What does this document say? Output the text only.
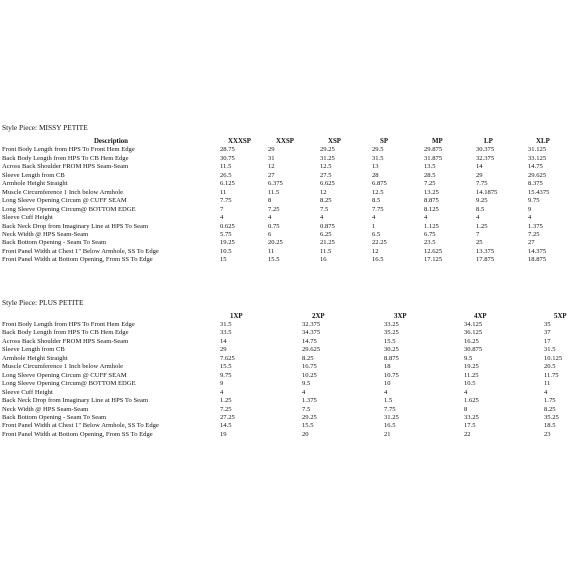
Style Piece: MISSY PETITE
Description	XXXSP	XXSP	XSP	SP	MP	LP	XLP
Front Body Length from HPS To Front Hem Edge	28.75	29	29.25	29.5	29.875	30.375	31.125
Back Body Length from HPS To CB Hem Edge	30.75	31	31.25	31.5	31.875	32.375	33.125
Across Back Shoulder FROM HPS Seam-Seam	11.5	12	12.5	13	13.5	14	14.75
Sleeve Length from CB	26.5	27	27.5	28	28.5	29	29.625
Armhole Height Straight	6.125	6.375	6.625	6.875	7.25	7.75	8.375
Muscle Circumference 1 Inch below Armhole	11	11.5	12	12.5	13.25	14.1875	15.4375
Long Sleeve Opening Circum @ CUFF SEAM	7.75	8	8.25	8.5	8.875	9.25	9.75
Long Sleeve Opening Circum@ BOTTOM EDGE	7	7.25	7.5	7.75	8.125	8.5	9
Sleeve Cuff Height	4	4	4	4	4	4	4
Back Neck Drop from Imaginary Line at HPS To Seam	0.625	0.75	0.875	1	1.125	1.25	1.375
Neck Width @ HPS Seam-Seam	5.75	6	6.25	6.5	6.75	7	7.25
Back Bottom Opening - Seam To Seam	19.25	20.25	21.25	22.25	23.5	25	27
Front Panel Width at Chest 1" Below Armhole, SS To Edge	10.5	11	11.5	12	12.625	13.375	14.375
Front Panel Width at Bottom Opening, From SS To Edge	15	15.5	16	16.5	17.125	17.875	18.875
Style Piece: PLUS PETITE
	1XP	2XP	3XP	4XP	5XP
Front Body Length from HPS To Front Hem Edge	31.5	32.375	33.25	34.125	35
Back Body Length from HPS To CB Hem Edge	33.5	34.375	35.25	36.125	37
Across Back Shoulder FROM HPS Seam-Seam	14	14.75	15.5	16.25	17
Sleeve Length from CB	29	29.625	30.25	30.875	31.5
Armhole Height Straight	7.625	8.25	8.875	9.5	10.125
Muscle Circumference 1 Inch below Armhole	15.5	16.75	18	19.25	20.5
Long Sleeve Opening Circum @ CUFF SEAM	9.75	10.25	10.75	11.25	11.75
Long Sleeve Opening Circum@ BOTTOM EDGE	9	9.5	10	10.5	11
Sleeve Cuff Height	4	4	4	4	4
Back Neck Drop from Imaginary Line at HPS To Seam	1.25	1.375	1.5	1.625	1.75
Neck Width @ HPS Seam-Seam	7.25	7.5	7.75	8	8.25
Back Bottom Opening - Seam To Seam	27.25	29.25	31.25	33.25	35.25
Front Panel Width at Chest 1" Below Armhole, SS To Edge	14.5	15.5	16.5	17.5	18.5
Front Panel Width at Bottom Opening, From SS To Edge	19	20	21	22	23
